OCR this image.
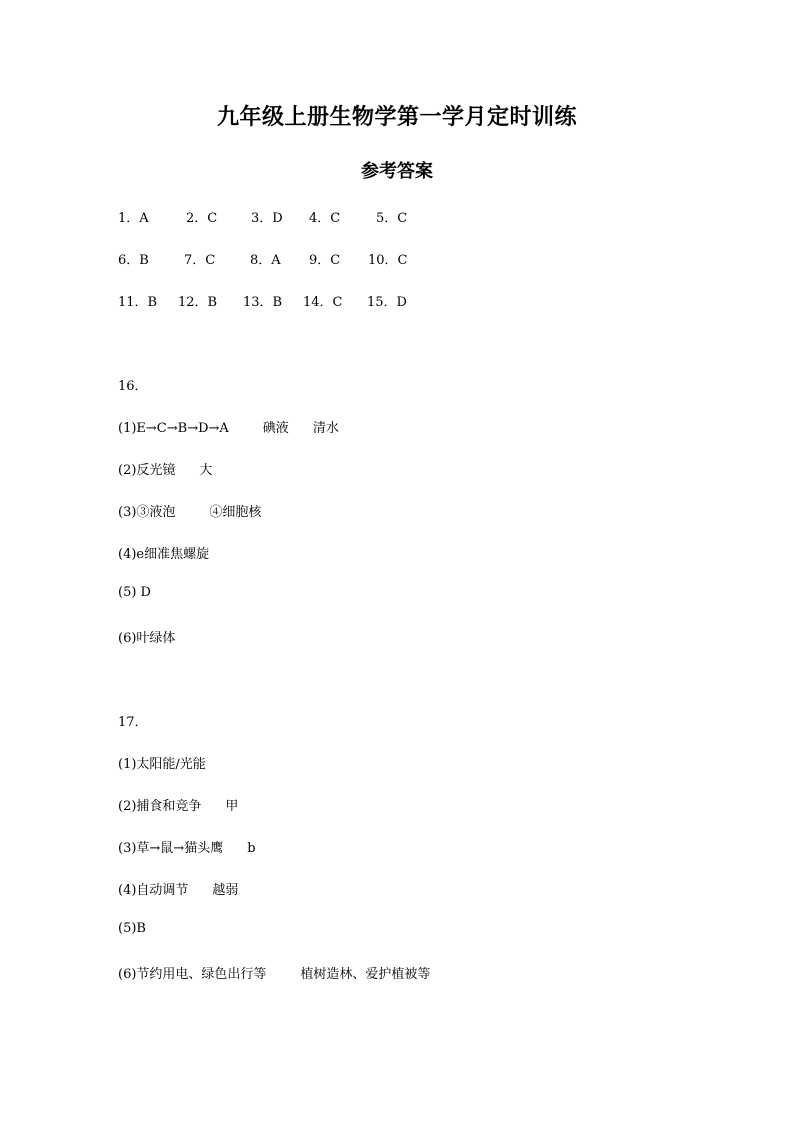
九年级上册生物学第一学月定时训练
参考答案
1．A	2．C	3．D 4．C	5．C
6．B	7．C	8．A 9．C 10．C
11．B 12．B 13．B 14．C 15．D
16．
(1)E→C→B→D→A	碘液 清水
(2)反光镜 大
(3)③液泡	④细胞核
(4)e细准焦螺旋
(5) D
(6)叶绿体
17．
(1)太阳能/光能
(2)捕食和竞争 甲
(3)草→鼠→猫头鹰 b
(4)自动调节 越弱
(5)B
(6)节约用电、绿色出行等	植树造林、爱护植被等
